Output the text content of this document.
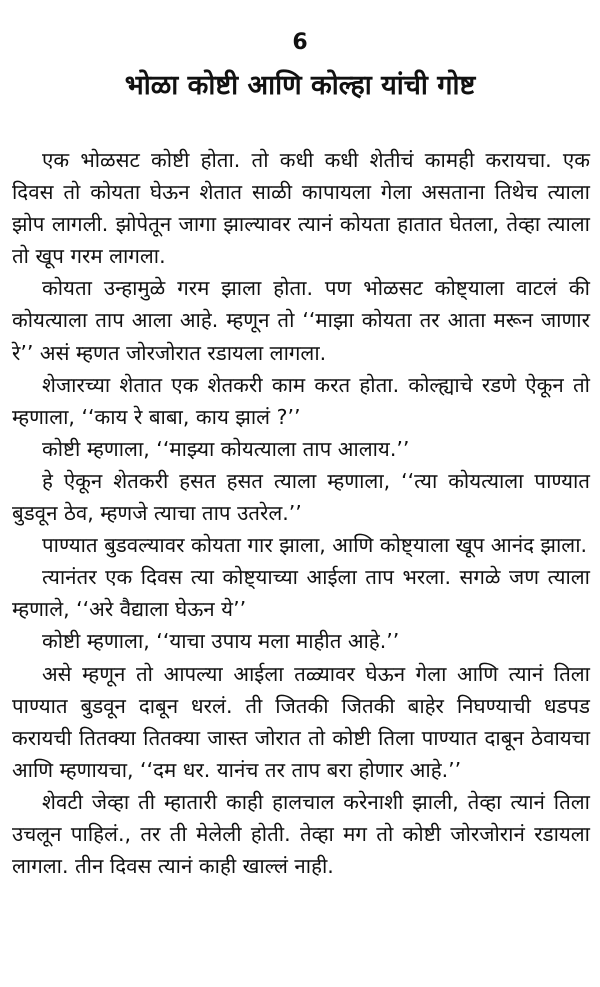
6
भोळा कोष्टी आणि कोल्हा यांची गोष्ट

एक भोळसट कोष्टी होता. तो कधी कधी शेतीचं कामही करायचा. एक दिवस तो कोयता घेऊन शेतात साळी कापायला गेला असताना तिथेच त्याला झोप लागली. झोपेतून जागा झाल्यावर त्यानं कोयता हातात घेतला, तेव्हा त्याला तो खूप गरम लागला.

कोयता उन्हामुळे गरम झाला होता. पण भोळसट कोष्ट्याला वाटलं की कोयत्याला ताप आला आहे. म्हणून तो ‘‘माझा कोयता तर आता मरून जाणार रे’’ असं म्हणत जोरजोरात रडायला लागला.

शेजारच्या शेतात एक शेतकरी काम करत होता. कोल्ह्याचे रडणे ऐकून तो म्हणाला, ‘‘काय रे बाबा, काय झालं ?’’

कोष्टी म्हणाला, ‘‘माझ्या कोयत्याला ताप आलाय.’’

हे ऐकून शेतकरी हसत हसत त्याला म्हणाला, ‘‘त्या कोयत्याला पाण्यात बुडवून ठेव, म्हणजे त्याचा ताप उतरेल.’’

पाण्यात बुडवल्यावर कोयता गार झाला, आणि कोष्ट्याला खूप आनंद झाला.

त्यानंतर एक दिवस त्या कोष्ट्याच्या आईला ताप भरला. सगळे जण त्याला म्हणाले, ‘‘अरे वैद्याला घेऊन ये’’

कोष्टी म्हणाला, ‘‘याचा उपाय मला माहीत आहे.’’

असे म्हणून तो आपल्या आईला तळ्यावर घेऊन गेला आणि त्यानं तिला पाण्यात बुडवून दाबून धरलं. ती जितकी जितकी बाहेर निघण्याची धडपड करायची तितक्या तितक्या जास्त जोरात तो कोष्टी तिला पाण्यात दाबून ठेवायचा आणि म्हणायचा, ‘‘दम धर. यानंच तर ताप बरा होणार आहे.’’

शेवटी जेव्हा ती म्हातारी काही हालचाल करेनाशी झाली, तेव्हा त्यानं तिला उचलून पाहिलं., तर ती मेलेली होती. तेव्हा मग तो कोष्टी जोरजोरानं रडायला लागला. तीन दिवस त्यानं काही खाल्लं नाही.
